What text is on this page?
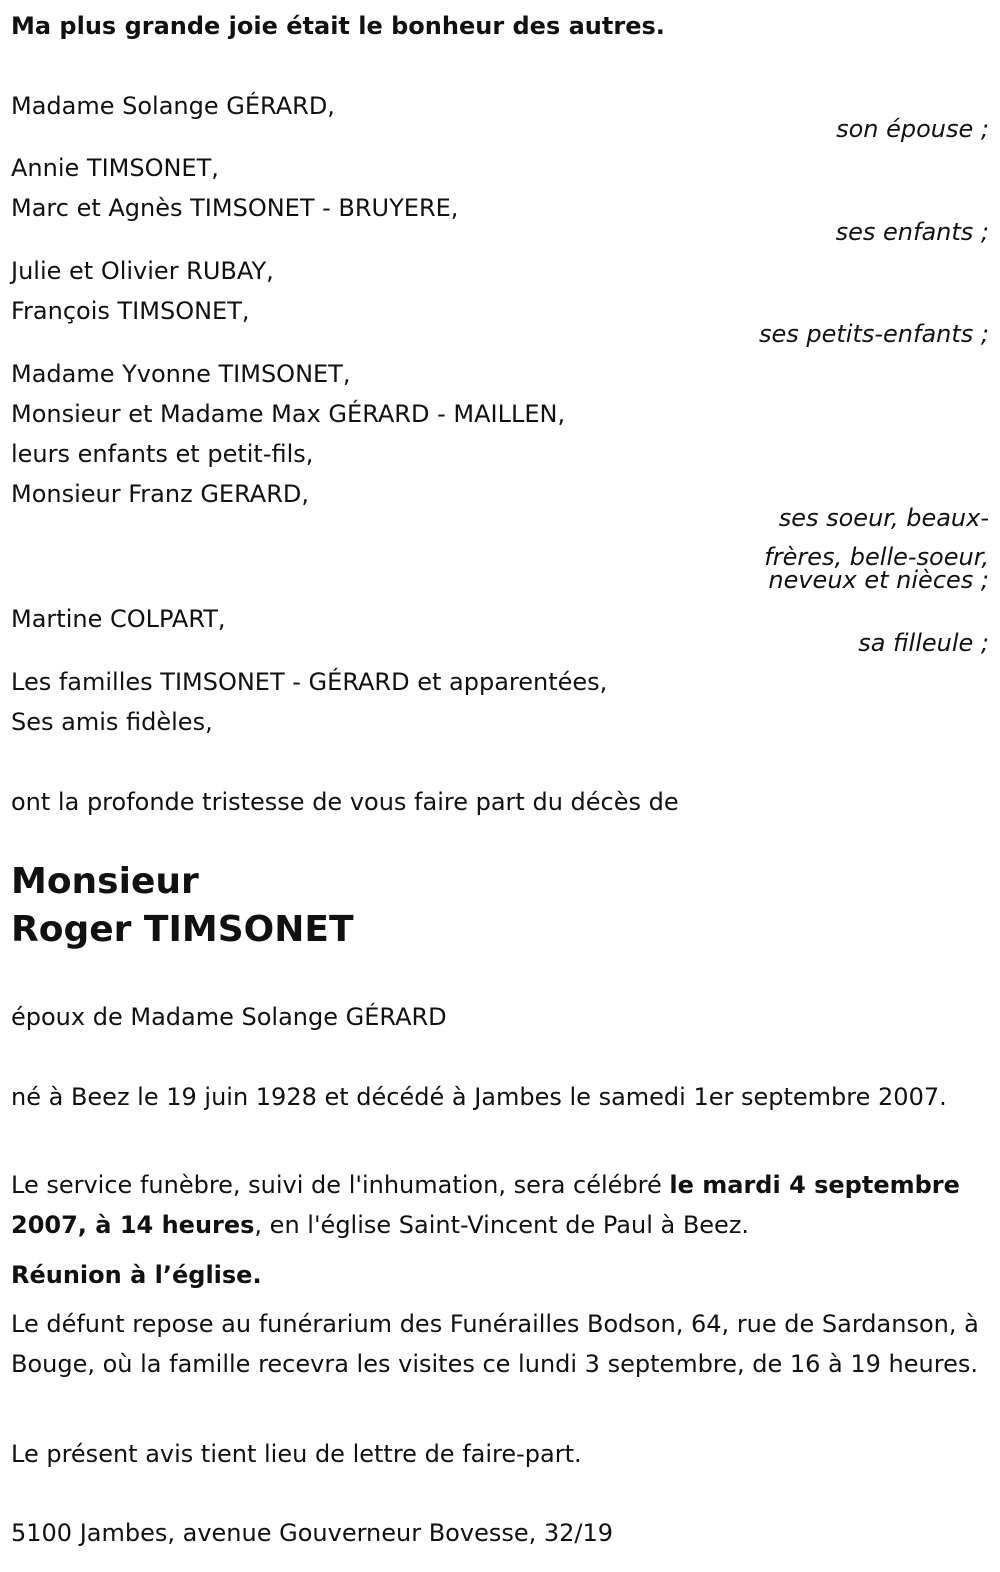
Ma plus grande joie était le bonheur des autres.

Madame Solange GÉRARD,

son épouse ;

Annie TIMSONET,

Marc et Agnès TIMSONET - BRUYERE,

ses enfants ;

Julie et Olivier RUBAY,

François TIMSONET,

ses petits-enfants ;

Madame Yvonne TIMSONET,

Monsieur et Madame Max GÉRARD - MAILLEN,

leurs enfants et petit-fils,

Monsieur Franz GERARD,

ses soeur, beaux-

frères, belle-soeur,

neveux et nièces ;

Martine COLPART,

sa filleule ;

Les familles TIMSONET - GÉRARD et apparentées,

Ses amis fidèles,

ont la profonde tristesse de vous faire part du décès de

Monsieur

Roger TIMSONET

époux de Madame Solange GÉRARD

né à Beez le 19 juin 1928 et décédé à Jambes le samedi 1er septembre 2007.

Le service funèbre, suivi de l'inhumation, sera célébré le mardi 4 septembre 2007, à 14 heures, en l'église Saint-Vincent de Paul à Beez.

Réunion à l’église.

Le défunt repose au funérarium des Funérailles Bodson, 64, rue de Sardanson, à Bouge, où la famille recevra les visites ce lundi 3 septembre, de 16 à 19 heures.

Le présent avis tient lieu de lettre de faire-part.

5100 Jambes, avenue Gouverneur Bovesse, 32/19
